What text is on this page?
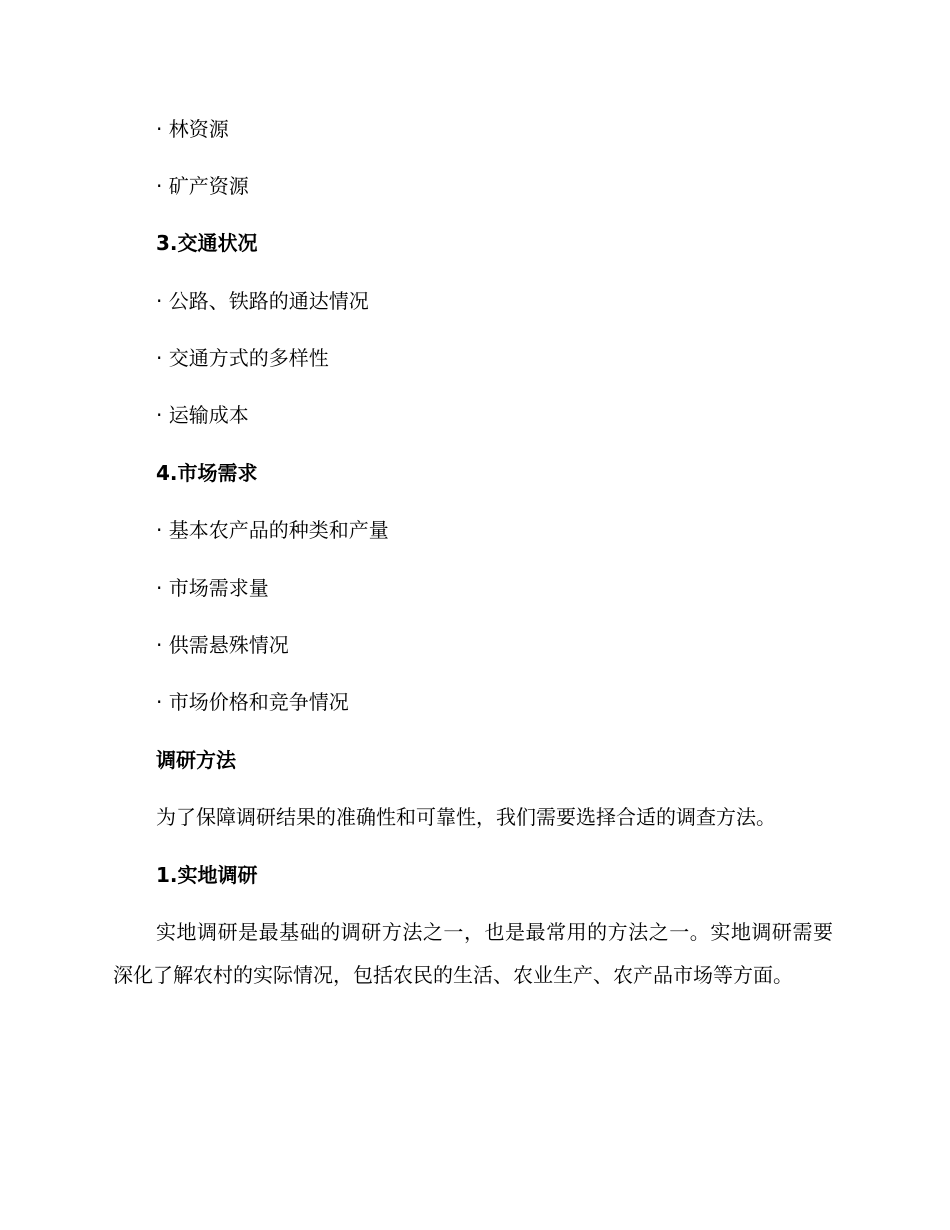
· 林资源
· 矿产资源
3.交通状况
· 公路、铁路的通达情况
· 交通方式的多样性
· 运输成本
4.市场需求
· 基本农产品的种类和产量
· 市场需求量
· 供需悬殊情况
· 市场价格和竞争情况
调研方法
为了保障调研结果的准确性和可靠性，我们需要选择合适的调查方法。
1.实地调研
实地调研是最基础的调研方法之一，也是最常用的方法之一。实地调研需要深化了解农村的实际情况，包括农民的生活、农业生产、农产品市场等方面。
